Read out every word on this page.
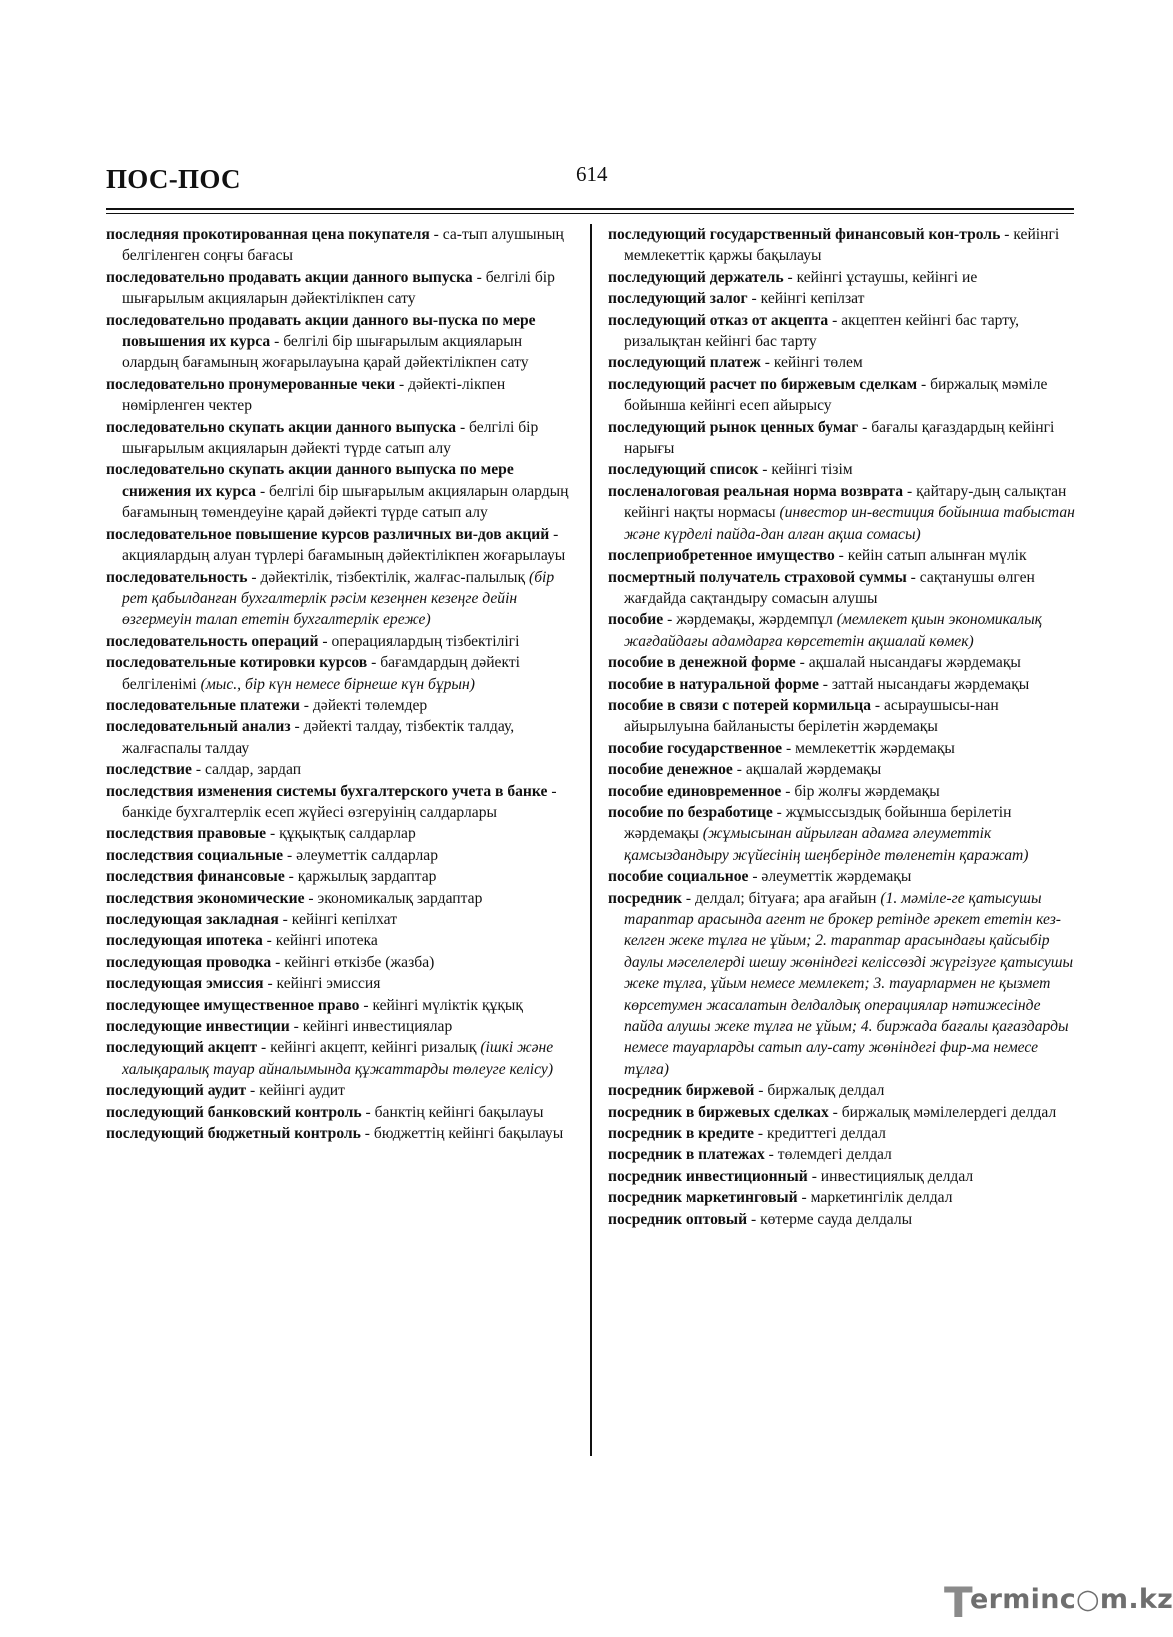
ПОС-ПОС	614

последняя прокотированная цена покупателя - са-тып алушының белгіленген соңғы бағасы

последовательно продавать акции данного выпуска - белгілі бір шығарылым акцияларын дәйектілікпен сату

последовательно продавать акции данного вы-пуска по мере повышения их курса - белгілі бір шығарылым акцияларын олардың бағамының жоғарылауына қарай дәйектілікпен сату

последовательно пронумерованные чеки - дәйекті-лікпен нөмірленген чектер

последовательно скупать акции данного выпуска - белгілі бір шығарылым акцияларын дәйекті түрде сатып алу

последовательно скупать акции данного выпуска по мере снижения их курса - белгілі бір шығарылым акцияларын олардың бағамының төмендеуіне қарай дәйекті түрде сатып алу

последовательное повышение курсов различных ви-дов акций - акциялардың алуан түрлері бағамының дәйектілікпен жоғарылауы

последовательность - дәйектілік, тізбектілік, жалғас-палылық (бір рет қабылданған бухгалтерлік рәсім кезеңнен кезеңге дейін өзгермеуін талап ететін бухгалтерлік ереже)

последовательность операций - операциялардың тізбектілігі

последовательные котировки курсов - бағамдардың дәйекті белгіленімі (мыс., бір күн немесе бірнеше күн бұрын)

последовательные платежи - дәйекті төлемдер

последовательный анализ - дәйекті талдау, тізбектік талдау, жалғаспалы талдау

последствие - салдар, зардап

последствия изменения системы бухгалтерского учета в банке - банкіде бухгалтерлік есеп жүйесі өзгеруінің салдарлары

последствия правовые - құқықтық салдарлар

последствия социальные - әлеуметтік салдарлар

последствия финансовые - қаржылық зардаптар

последствия экономические - экономикалық зардаптар

последующая закладная - кейінгі кепілхат

последующая ипотека - кейінгі ипотека

последующая проводка - кейінгі өткізбе (жазба)

последующая эмиссия - кейінгі эмиссия

последующее имущественное право - кейінгі мүліктік құқық

последующие инвестиции - кейінгі инвестициялар

последующий акцепт - кейінгі акцепт, кейінгі ризалық (ішкі және халықаралық тауар айналымында құжаттарды төлеуге келісу)

последующий аудит - кейінгі аудит

последующий банковский контроль - банктің кейінгі бақылауы

последующий бюджетный контроль - бюджеттің кейінгі бақылауы

последующий государственный финансовый кон-троль - кейінгі мемлекеттік қаржы бақылауы

последующий держатель - кейінгі ұстаушы, кейінгі ие

последующий залог - кейінгі кепілзат

последующий отказ от акцепта - акцептен кейінгі бас тарту, ризалықтан кейінгі бас тарту

последующий платеж - кейінгі төлем

последующий расчет по биржевым сделкам - биржалық мәміле бойынша кейінгі есеп айырысу

последующий рынок ценных бумаг - бағалы қағаздардың кейінгі нарығы

последующий список - кейінгі тізім

посленалоговая реальная норма возврата - қайтару-дың салықтан кейінгі нақты нормасы (инвестор ин-вестиция бойынша табыстан және күрделі пайда-дан алған ақша сомасы)

послеприобретенное имущество - кейін сатып алынған мүлік

посмертный получатель страховой суммы - сақтанушы өлген жағдайда сақтандыру сомасын алушы

пособие - жәрдемақы, жәрдемпұл (мемлекет қиын экономикалық жағдайдағы адамдарға көрсететін ақшалай көмек)

пособие в денежной форме - ақшалай нысандағы жәрдемақы

пособие в натуральной форме - заттай нысандағы жәрдемақы

пособие в связи с потерей кормильца - асыраушысы-нан айырылуына байланысты берілетін жәрдемақы

пособие государственное - мемлекеттік жәрдемақы

пособие денежное - ақшалай жәрдемақы

пособие единовременное - бір жолғы жәрдемақы

пособие по безработице - жұмыссыздық бойынша берілетін жәрдемақы (жұмысынан айрылған адамға әлеуметтік қамсыздандыру жүйесінің шеңберінде төленетін қаражат)

пособие социальное - әлеуметтік жәрдемақы

посредник - делдал; бітуаға; ара ағайын (1. мәміле-ге қатысушы тараптар арасында агент не брокер ретінде әрекет ететін кез-келген жеке тұлға не ұйым; 2. тараптар арасындағы қайсыбір даулы мәселелерді шешу жөніндегі келіссөзді жүргізуге қатысушы жеке тұлға, ұйым немесе мемлекет; 3. тауарлармен не қызмет көрсетумен жасалатын делдалдық операциялар нәтижесінде пайда алушы жеке тұлға не ұйым; 4. биржада бағалы қағаздарды немесе тауарларды сатып алу-сату жөніндегі фир-ма немесе тұлға)

посредник биржевой - биржалық делдал

посредник в биржевых сделках - биржалық мәмілелердегі делдал

посредник в кредите - кредиттегі делдал

посредник в платежах - төлемдегі делдал

посредник инвестиционный - инвестициялық делдал

посредник маркетинговый - маркетингілік делдал

посредник оптовый - көтерме сауда делдалы

T
erminc○m.kz
